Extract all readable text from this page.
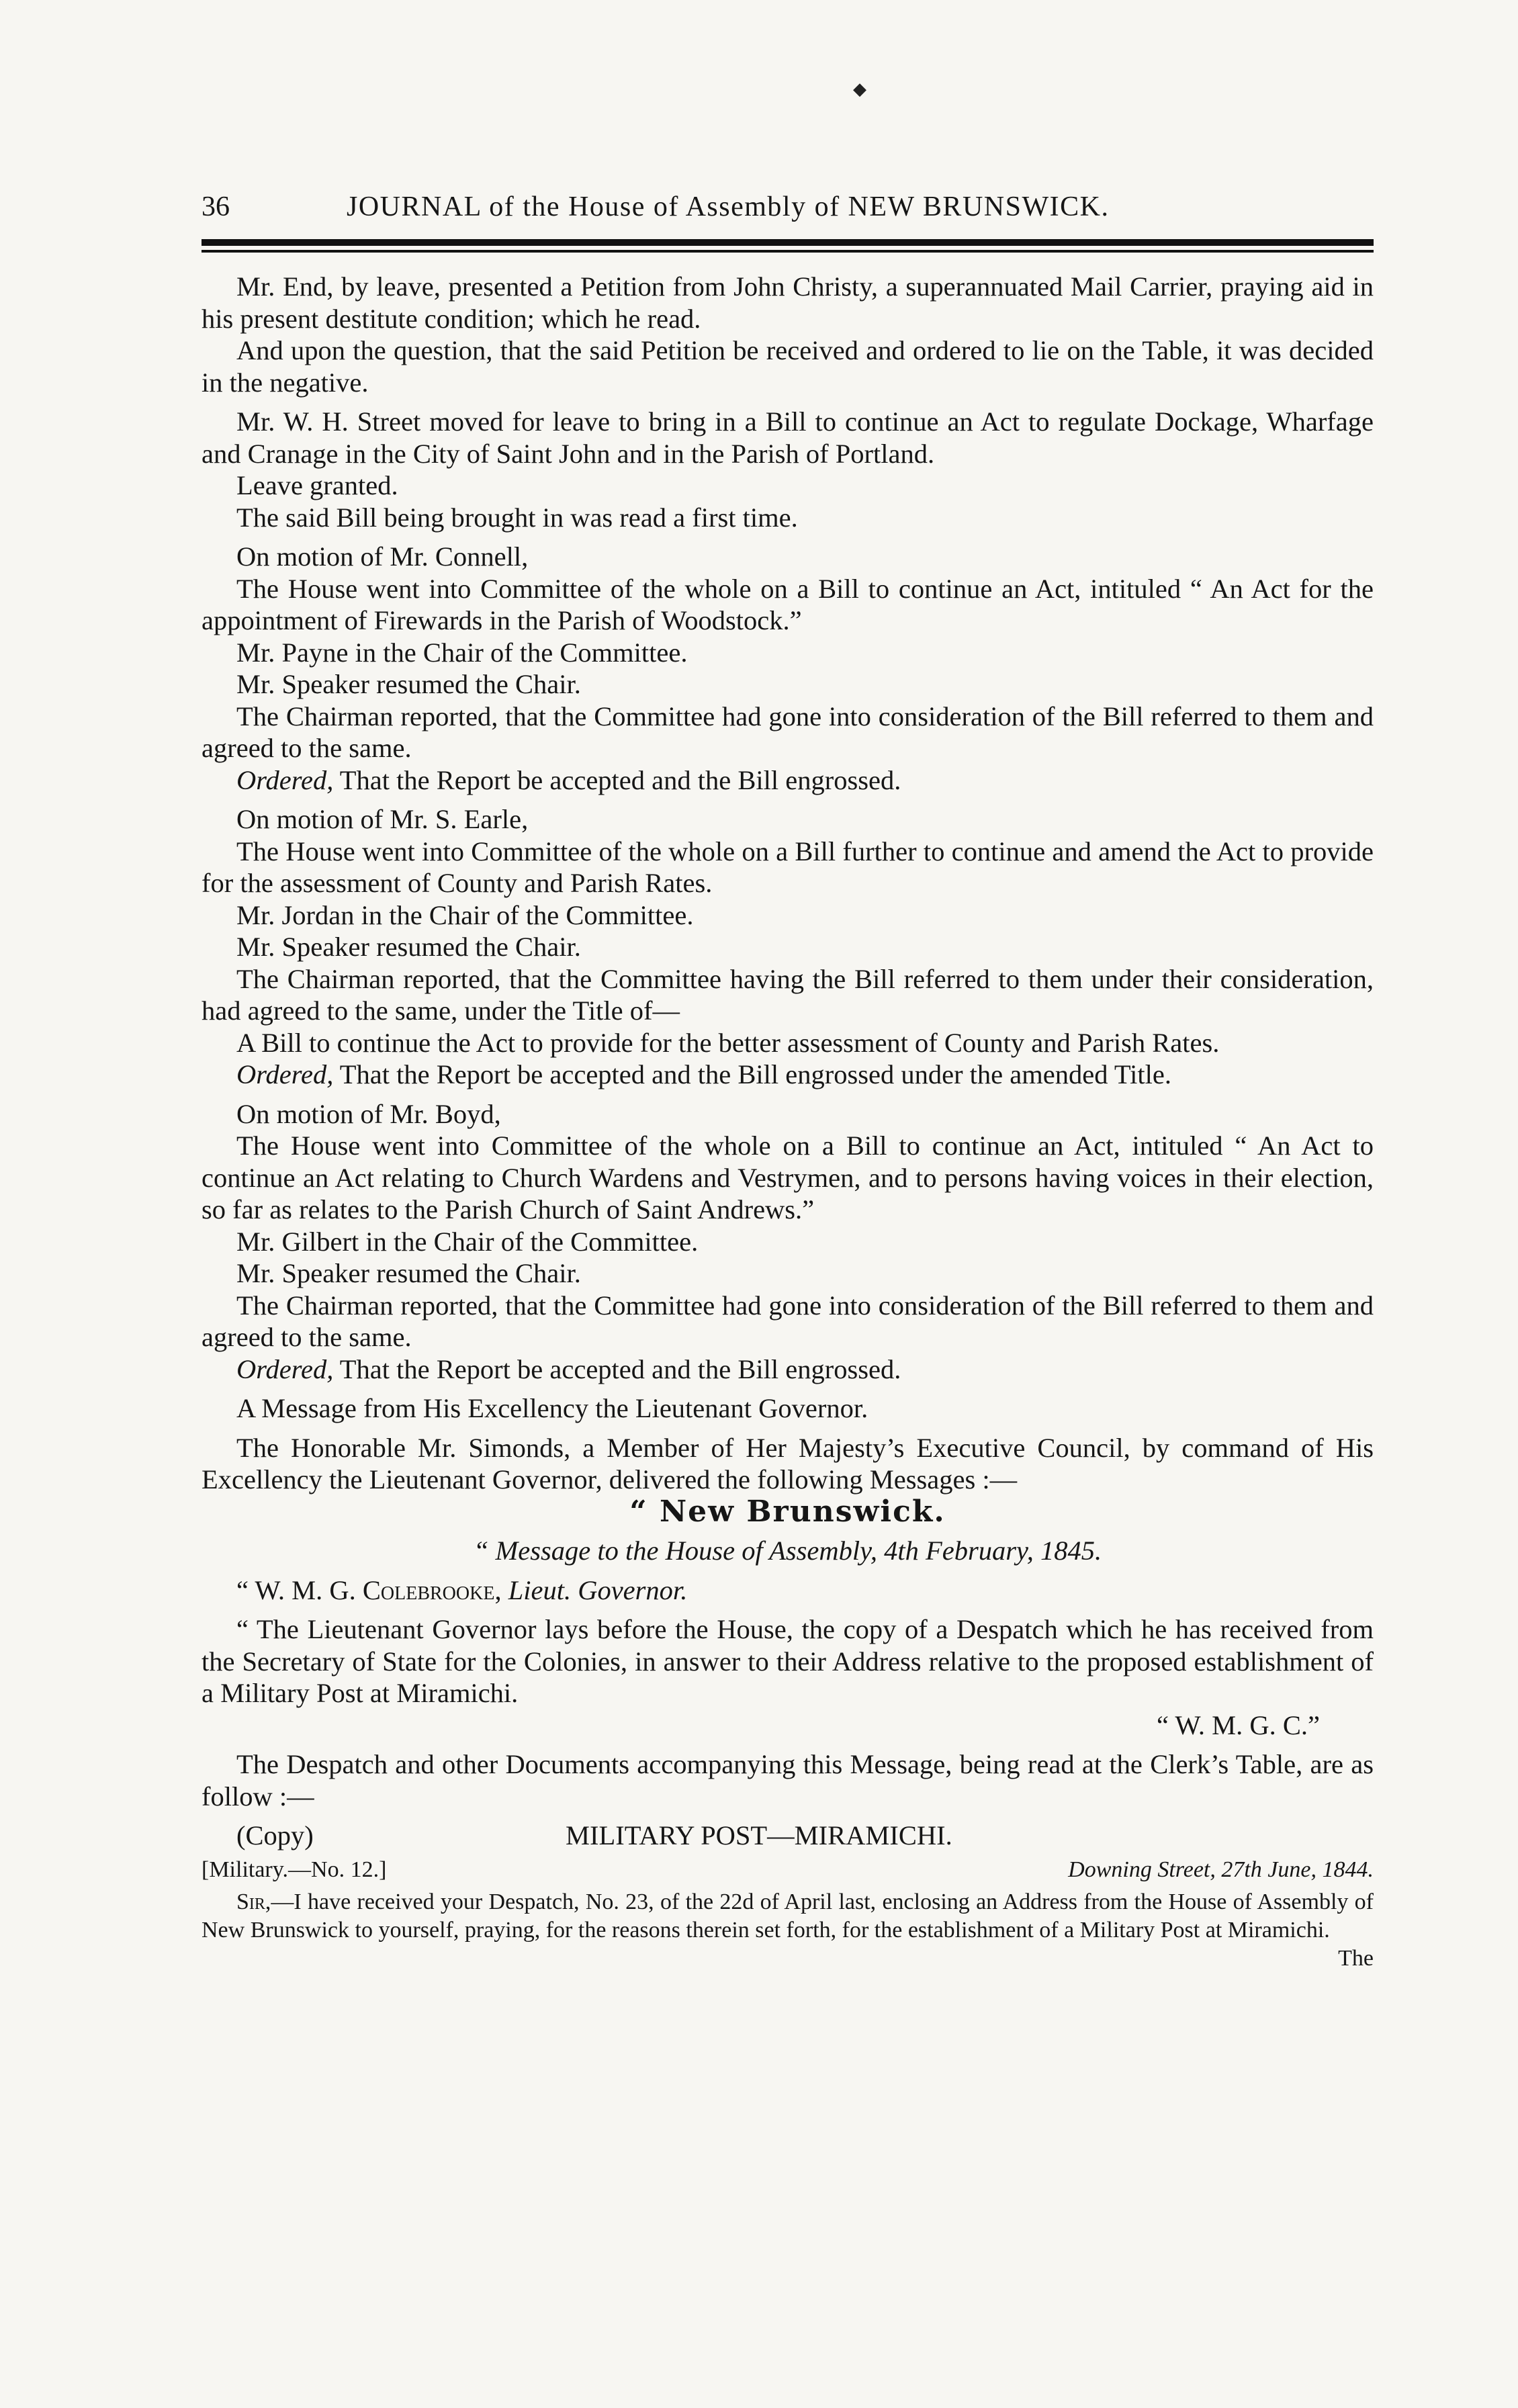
36	JOURNAL of the House of Assembly of NEW BRUNSWICK.

Mr. End, by leave, presented a Petition from John Christy, a superannuated Mail Carrier, praying aid in his present destitute condition; which he read.

And upon the question, that the said Petition be received and ordered to lie on the Table, it was decided in the negative.

Mr. W. H. Street moved for leave to bring in a Bill to continue an Act to regulate Dockage, Wharfage and Cranage in the City of Saint John and in the Parish of Portland.

Leave granted.

The said Bill being brought in was read a first time.

On motion of Mr. Connell,

The House went into Committee of the whole on a Bill to continue an Act, intituled “ An Act for the appointment of Firewards in the Parish of Woodstock.”

Mr. Payne in the Chair of the Committee.

Mr. Speaker resumed the Chair.

The Chairman reported, that the Committee had gone into consideration of the Bill referred to them and agreed to the same.

Ordered, That the Report be accepted and the Bill engrossed.

On motion of Mr. S. Earle,

The House went into Committee of the whole on a Bill further to continue and amend the Act to provide for the assessment of County and Parish Rates.

Mr. Jordan in the Chair of the Committee.

Mr. Speaker resumed the Chair.

The Chairman reported, that the Committee having the Bill referred to them under their consideration, had agreed to the same, under the Title of—

A Bill to continue the Act to provide for the better assessment of County and Parish Rates.

Ordered, That the Report be accepted and the Bill engrossed under the amended Title.

On motion of Mr. Boyd,

The House went into Committee of the whole on a Bill to continue an Act, intituled “ An Act to continue an Act relating to Church Wardens and Vestrymen, and to persons having voices in their election, so far as relates to the Parish Church of Saint Andrews.”

Mr. Gilbert in the Chair of the Committee.

Mr. Speaker resumed the Chair.

The Chairman reported, that the Committee had gone into consideration of the Bill referred to them and agreed to the same.

Ordered, That the Report be accepted and the Bill engrossed.

A Message from His Excellency the Lieutenant Governor.

The Honorable Mr. Simonds, a Member of Her Majesty’s Executive Council, by command of His Excellency the Lieutenant Governor, delivered the following Messages :—

“ New Brunswick.

“ Message to the House of Assembly, 4th February, 1845.

“ W. M. G. Colebrooke, Lieut. Governor.

“ The Lieutenant Governor lays before the House, the copy of a Despatch which he has received from the Secretary of State for the Colonies, in answer to their Address relative to the proposed establishment of a Military Post at Miramichi.

“ W. M. G. C.”

The Despatch and other Documents accompanying this Message, being read at the Clerk’s Table, are as follow :—

(Copy)	MILITARY POST—MIRAMICHI.

[Military.—No. 12.]	Downing Street, 27th June, 1844.

Sir,—I have received your Despatch, No. 23, of the 22d of April last, enclosing an Address from the House of Assembly of New Brunswick to yourself, praying, for the reasons therein set forth, for the establishment of a Military Post at Miramichi.

The

◆
